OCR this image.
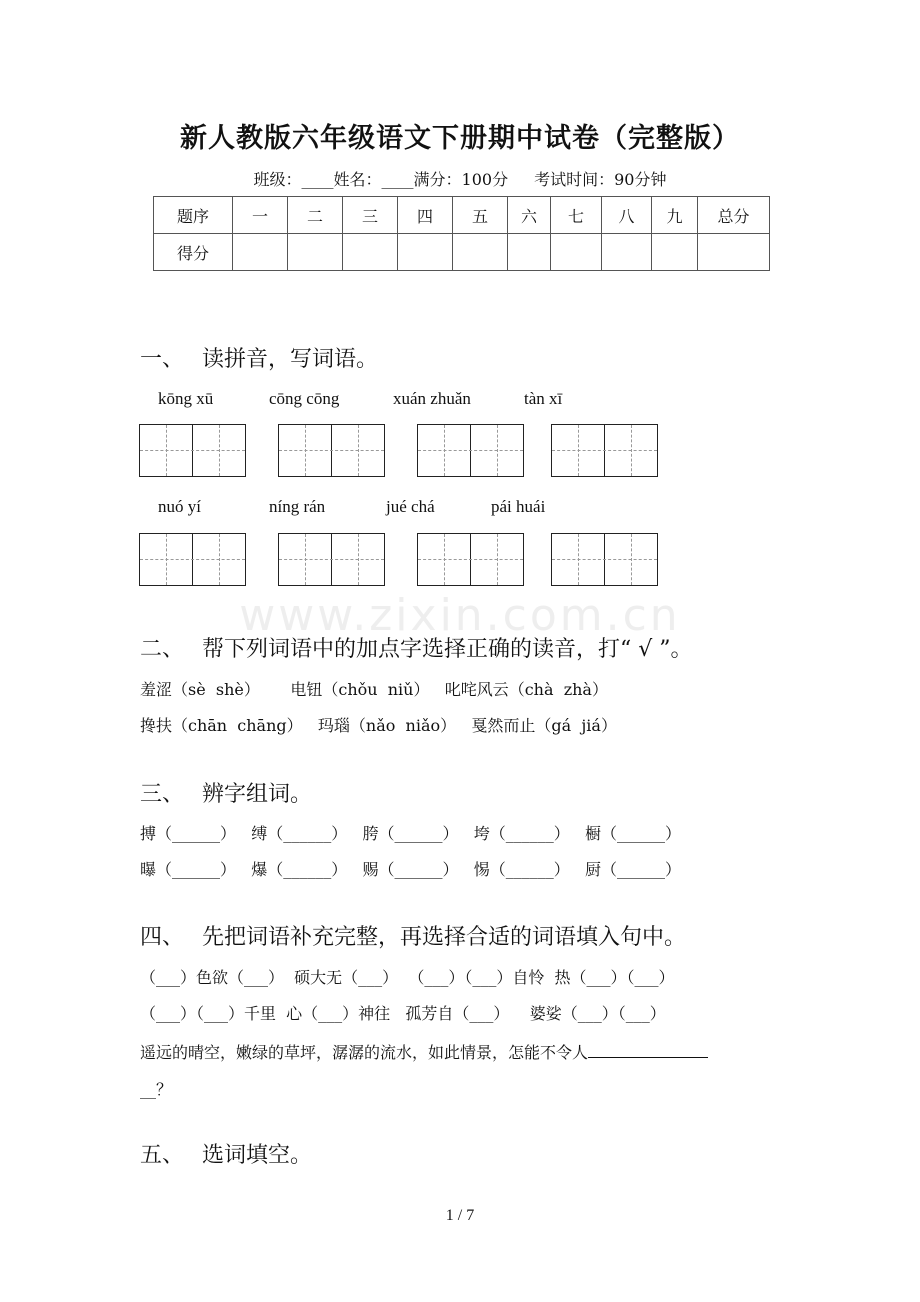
新人教版六年级语文下册期中试卷（完整版）
班级：____姓名：____满分：100分 考试时间：90分钟
题序	一	二	三	四	五	六	七	八	九	总分
得分										
一、 读拼音，写词语。
kōng xū	cōng cōng	xuán zhuǎn	tàn xī
nuó yí	níng rán	jué chá	pái huái
www.zixin.com.cn
二、 帮下列词语中的加点字选择正确的读音，打“ √ ”。
羞涩（sè  shè）      电钮（chǒu  niǔ）   叱咤风云（chà  zhà）
搀扶（chān  chāng）   玛瑙（nǎo  niǎo）   戛然而止（gá  jiá）
三、 辨字组词。
搏（______）   缚（______）   胯（______）   垮（______）   橱（______）
曝（______）   爆（______）   赐（______）   惕（______）   厨（______）
四、 先把词语补充完整，再选择合适的词语填入句中。
（___）色欲（___）  硕大无（___）  （___）（___）自怜  热（___）（___）
（___）（___）千里  心（___）神往   孤芳自（___）    婆娑（___）（___）
遥远的晴空，嫩绿的草坪，潺潺的流水，如此情景，怎能不令人
__？
五、 选词填空。
1 / 7
